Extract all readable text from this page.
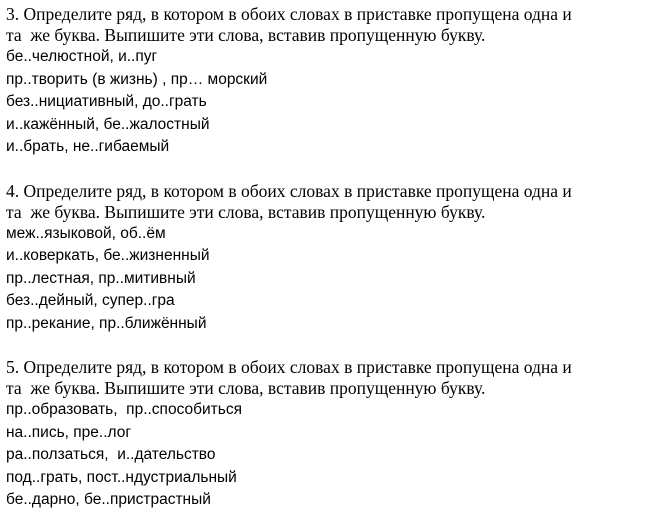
3. Определите ряд, в котором в обоих словах в приставке пропущена одна и

та  же буква. Выпишите эти слова, вставив пропущенную букву.

бе..челюстной, и..пуг

пр..творить (в жизнь) , пр… морский

без..нициативный, до..грать

и..кажённый, бе..жалостный

и..брать, не..гибаемый

4. Определите ряд, в котором в обоих словах в приставке пропущена одна и

та  же буква. Выпишите эти слова, вставив пропущенную букву.

меж..языковой, об..ём

и..коверкать, бе..жизненный

пр..лестная, пр..митивный

без..дейный, супер..гра

пр..рекание, пр..ближённый

5. Определите ряд, в котором в обоих словах в приставке пропущена одна и

та  же буква. Выпишите эти слова, вставив пропущенную букву.

пр..образовать,  пр..способиться

на..пись, пре..лог

ра..ползаться,  и..дательство

под..грать, пост..ндустриальный

бе..дарно, бе..пристрастный
